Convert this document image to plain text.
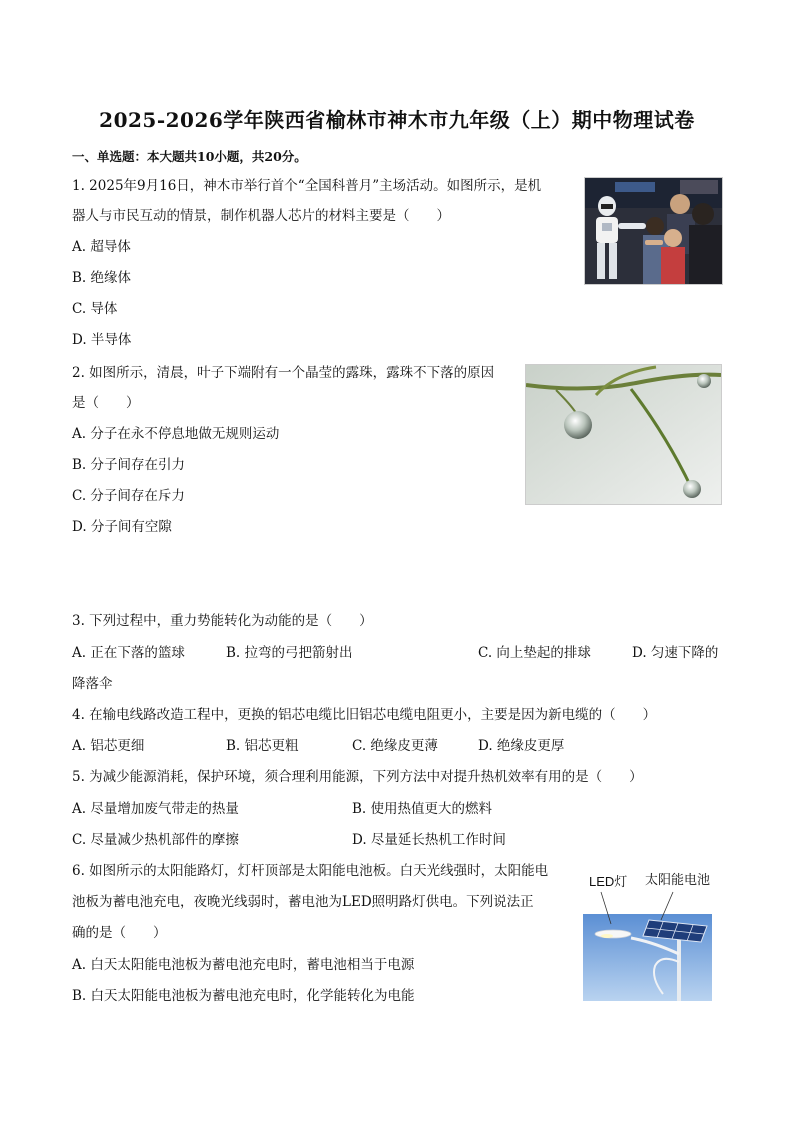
2025-2026学年陕西省榆林市神木市九年级（上）期中物理试卷
一、单选题：本大题共10小题，共20分。
1. 2025年9月16日，神木市举行首个“全国科普月”主场活动。如图所示，是机
器人与市民互动的情景，制作机器人芯片的材料主要是（　　）
A. 超导体
B. 绝缘体
C. 导体
D. 半导体
2. 如图所示，清晨，叶子下端附有一个晶莹的露珠，露珠不下落的原因
是（　　）
A. 分子在永不停息地做无规则运动
B. 分子间存在引力
C. 分子间存在斥力
D. 分子间有空隙
3. 下列过程中，重力势能转化为动能的是（　　）
A. 正在下落的篮球	B. 拉弯的弓把箭射出	C. 向上垫起的排球	D. 匀速下降的
降落伞
4. 在输电线路改造工程中，更换的铝芯电缆比旧铝芯电缆电阻更小，主要是因为新电缆的（　　）
A. 铝芯更细	B. 铝芯更粗	C. 绝缘皮更薄	D. 绝缘皮更厚
5. 为减少能源消耗，保护环境，须合理利用能源，下列方法中对提升热机效率有用的是（　　）
A. 尽量增加废气带走的热量	B. 使用热值更大的燃料
C. 尽量减少热机部件的摩擦	D. 尽量延长热机工作时间
6. 如图所示的太阳能路灯，灯杆顶部是太阳能电池板。白天光线强时，太阳能电
池板为蓄电池充电，夜晚光线弱时，蓄电池为LED照明路灯供电。下列说法正
确的是（　　）
A. 白天太阳能电池板为蓄电池充电时，蓄电池相当于电源
B. 白天太阳能电池板为蓄电池充电时，化学能转化为电能
LED灯 太阳能电池
